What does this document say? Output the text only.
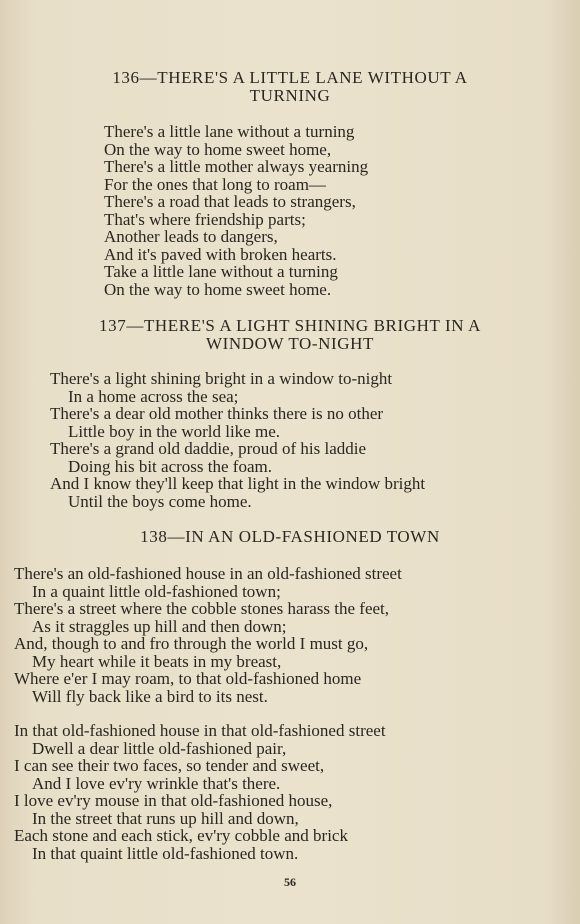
136—THERE'S A LITTLE LANE WITHOUT A
TURNING
There's a little lane without a turning
On the way to home sweet home,
There's a little mother always yearning
For the ones that long to roam—
There's a road that leads to strangers,
That's where friendship parts;
Another leads to dangers,
And it's paved with broken hearts.
Take a little lane without a turning
On the way to home sweet home.
137—THERE'S A LIGHT SHINING BRIGHT IN A
WINDOW TO-NIGHT
There's a light shining bright in a window to-night
In a home across the sea;
There's a dear old mother thinks there is no other
Little boy in the world like me.
There's a grand old daddie, proud of his laddie
Doing his bit across the foam.
And I know they'll keep that light in the window bright
Until the boys come home.
138—IN AN OLD-FASHIONED TOWN
There's an old-fashioned house in an old-fashioned street
In a quaint little old-fashioned town;
There's a street where the cobble stones harass the feet,
As it straggles up hill and then down;
And, though to and fro through the world I must go,
My heart while it beats in my breast,
Where e'er I may roam, to that old-fashioned home
Will fly back like a bird to its nest.
In that old-fashioned house in that old-fashioned street
Dwell a dear little old-fashioned pair,
I can see their two faces, so tender and sweet,
And I love ev'ry wrinkle that's there.
I love ev'ry mouse in that old-fashioned house,
In the street that runs up hill and down,
Each stone and each stick, ev'ry cobble and brick
In that quaint little old-fashioned town.
56
